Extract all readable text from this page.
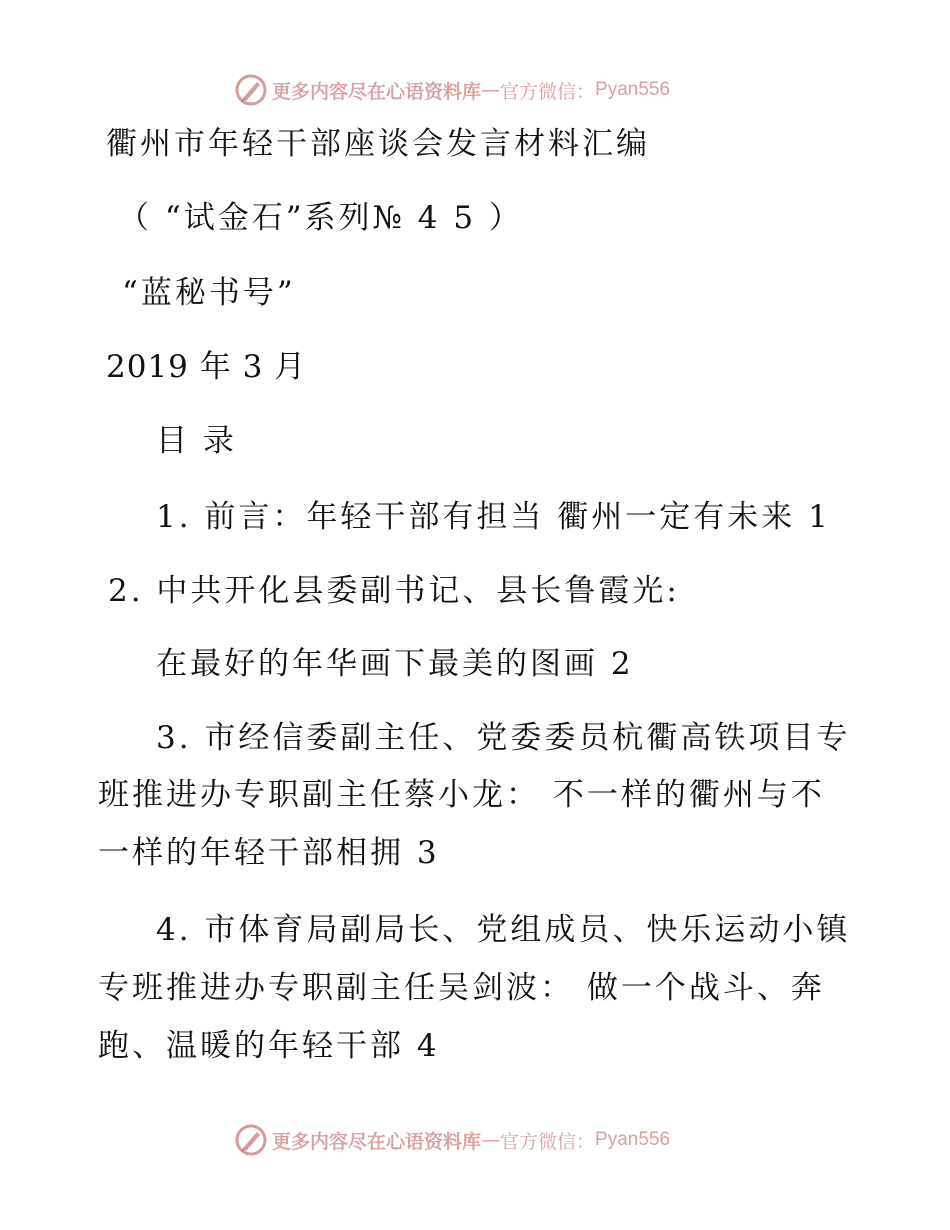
更多内容尽在心语资料库 — 官方微信： Pyan556
衢州市年轻干部座谈会发言材料汇编
（ “试金石”系列№ 4 5 ）
“蓝秘书号”
2019 年 3 月
目 录
1. 前言：年轻干部有担当 衢州一定有未来 1
2. 中共开化县委副书记、县长鲁霞光:
在最好的年华画下最美的图画 2
3. 市经信委副主任、党委委员杭衢高铁项目专
班推进办专职副主任蔡小龙： 不一样的衢州与不
一样的年轻干部相拥 3
4. 市体育局副局长、党组成员、快乐运动小镇
专班推进办专职副主任吴剑波： 做一个战斗、奔
跑、温暖的年轻干部 4
更多内容尽在心语资料库 — 官方微信： Pyan556
